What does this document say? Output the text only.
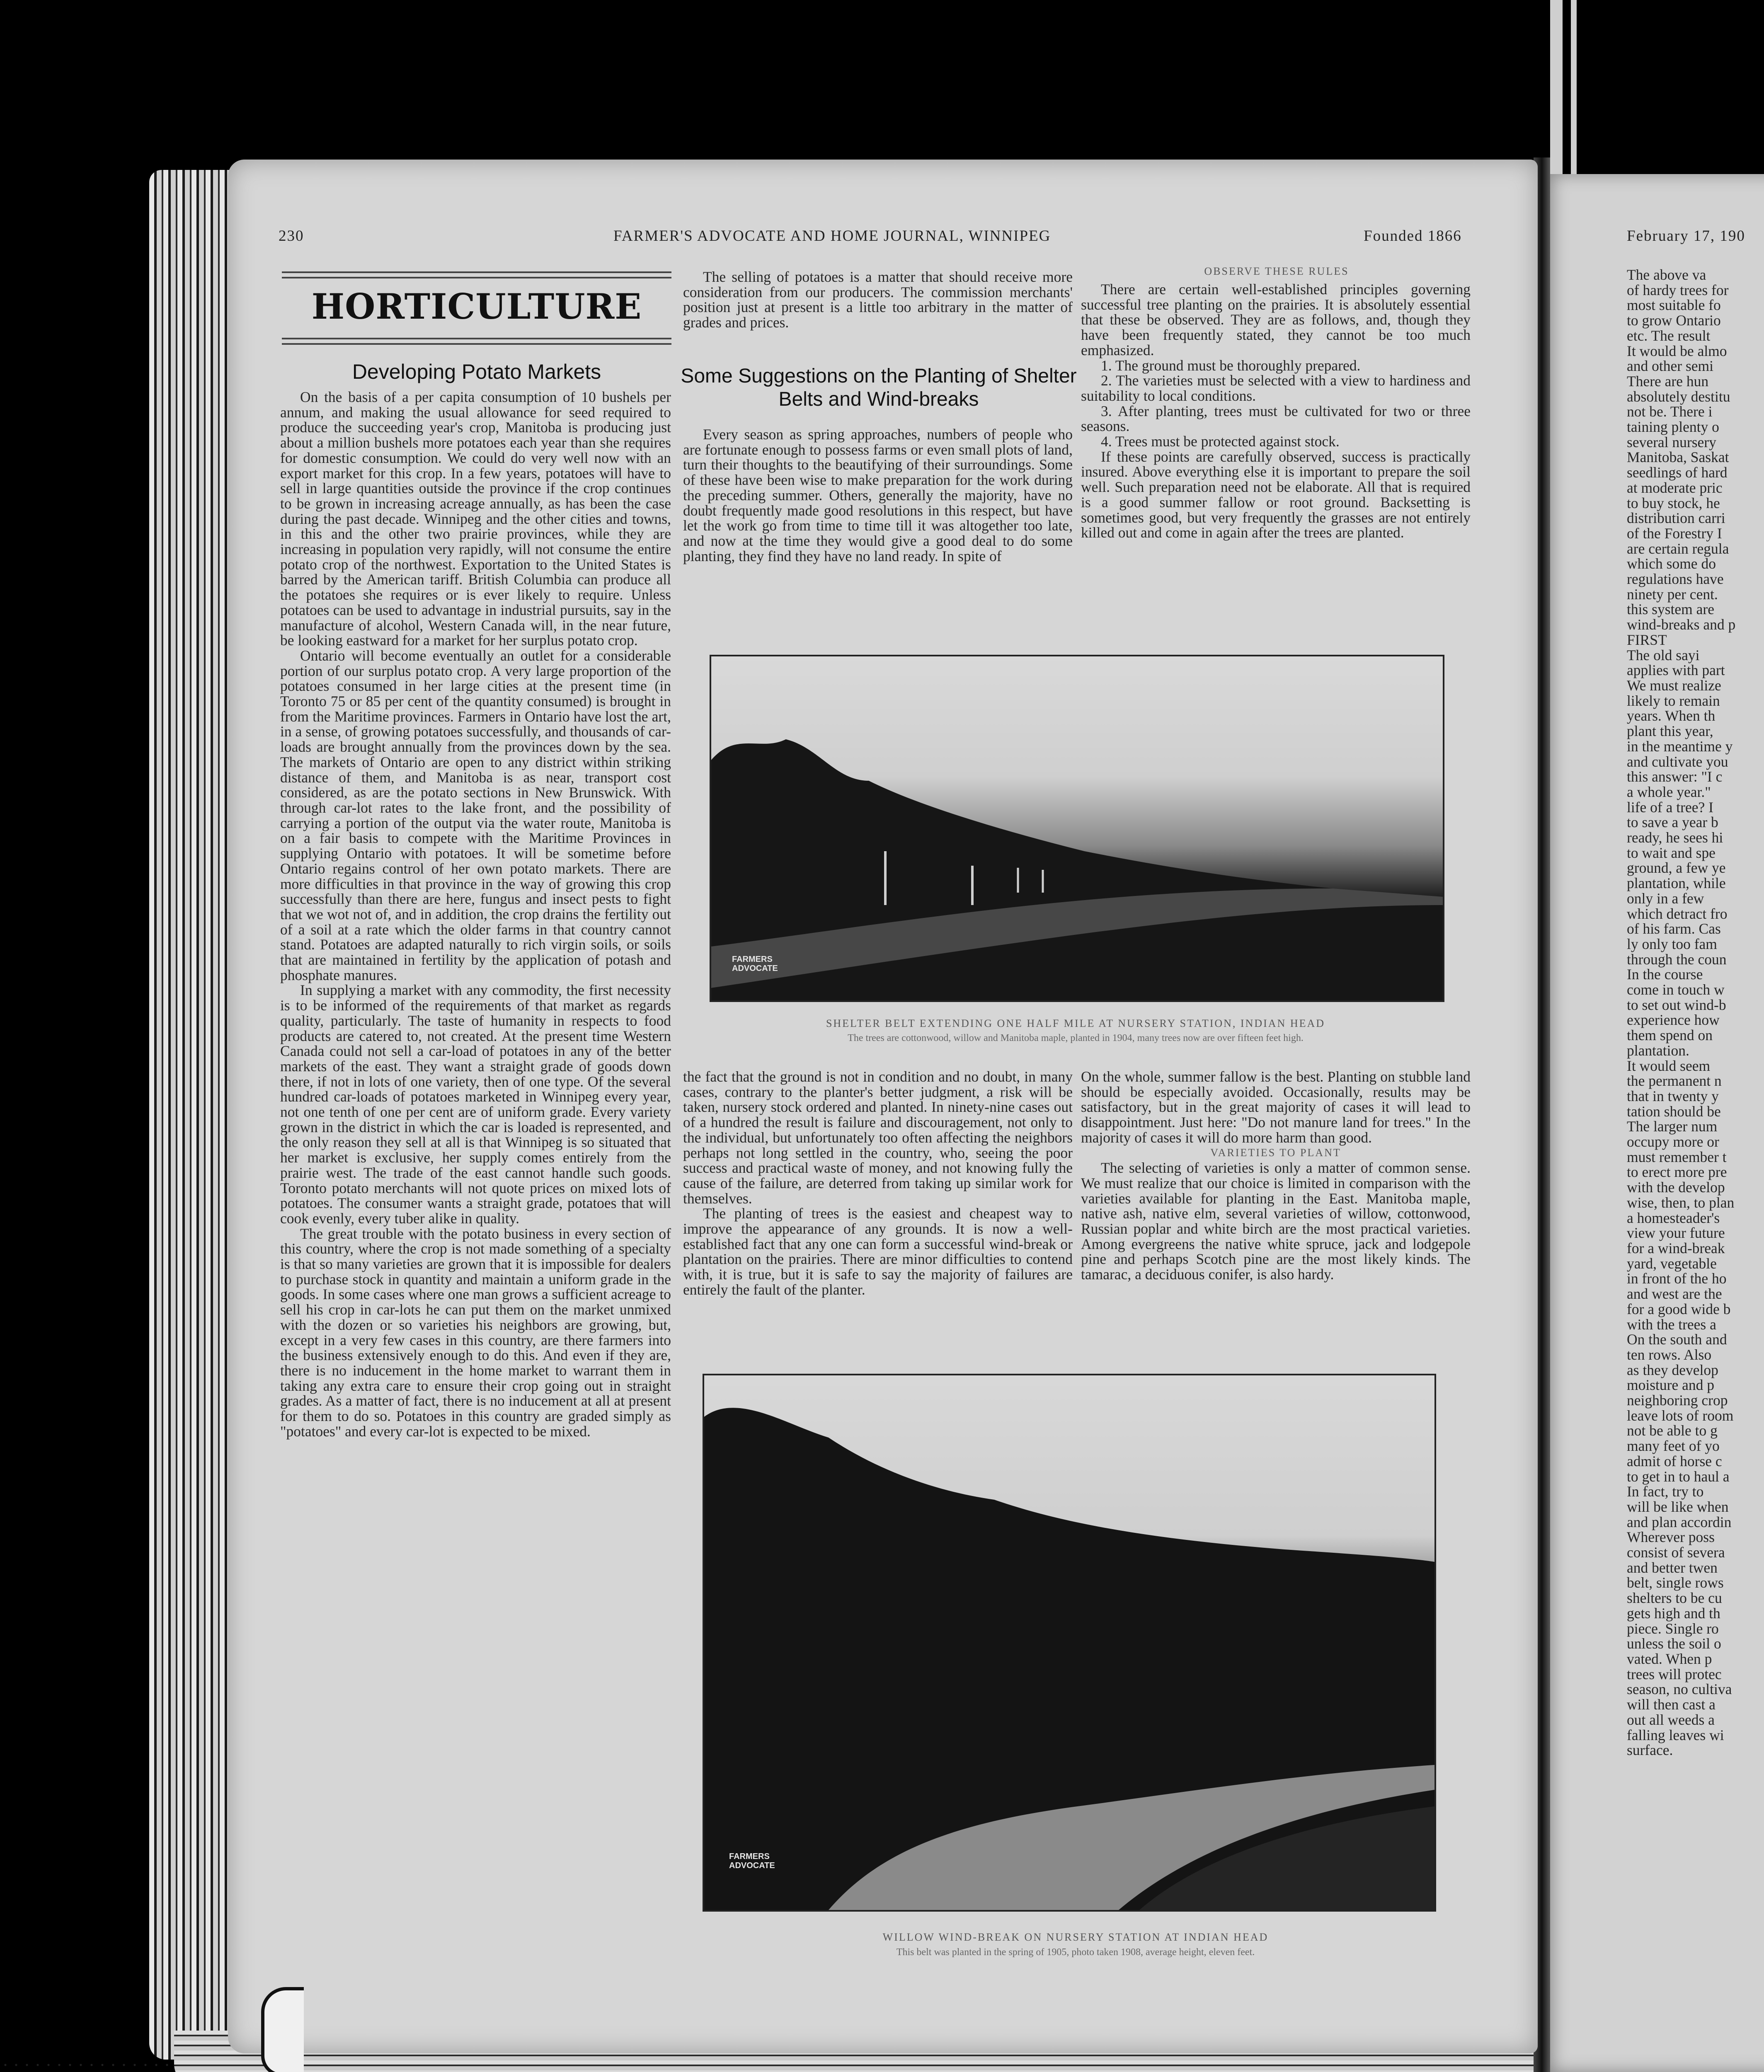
230	FARMER'S ADVOCATE AND HOME JOURNAL, WINNIPEG	Founded 1866	February 17, 190
HORTICULTURE
Developing Potato Markets

On the basis of a per capita consumption of 10 bushels per annum, and making the usual allowance for seed required to produce the succeeding year's crop, Manitoba is producing just about a million bushels more potatoes each year than she requires for domestic consumption. We could do very well now with an export market for this crop. In a few years, potatoes will have to sell in large quantities outside the province if the crop continues to be grown in increasing acreage annually, as has been the case during the past decade. Winnipeg and the other cities and towns, in this and the other two prairie provinces, while they are increasing in population very rapidly, will not consume the entire potato crop of the northwest. Exportation to the United States is barred by the American tariff. British Columbia can produce all the potatoes she requires or is ever likely to require. Unless potatoes can be used to advantage in industrial pursuits, say in the manufacture of alcohol, Western Canada will, in the near future, be looking eastward for a market for her surplus potato crop.

Ontario will become eventually an outlet for a considerable portion of our surplus potato crop. A very large proportion of the potatoes consumed in her large cities at the present time (in Toronto 75 or 85 per cent of the quantity consumed) is brought in from the Maritime provinces. Farmers in Ontario have lost the art, in a sense, of growing potatoes successfully, and thousands of car-loads are brought annually from the provinces down by the sea. The markets of Ontario are open to any district within striking distance of them, and Manitoba is as near, transport cost considered, as are the potato sections in New Brunswick. With through car-lot rates to the lake front, and the possibility of carrying a portion of the output via the water route, Manitoba is on a fair basis to compete with the Maritime Provinces in supplying Ontario with potatoes. It will be sometime before Ontario regains control of her own potato markets. There are more difficulties in that province in the way of growing this crop successfully than there are here, fungus and insect pests to fight that we wot not of, and in addition, the crop drains the fertility out of a soil at a rate which the older farms in that country cannot stand. Potatoes are adapted naturally to rich virgin soils, or soils that are maintained in fertility by the application of potash and phosphate manures.

In supplying a market with any commodity, the first necessity is to be informed of the requirements of that market as regards quality, particularly. The taste of humanity in respects to food products are catered to, not created. At the present time Western Canada could not sell a car-load of potatoes in any of the better markets of the east. They want a straight grade of goods down there, if not in lots of one variety, then of one type. Of the several hundred car-loads of potatoes marketed in Winnipeg every year, not one tenth of one per cent are of uniform grade. Every variety grown in the district in which the car is loaded is represented, and the only reason they sell at all is that Winnipeg is so situated that her market is exclusive, her supply comes entirely from the prairie west. The trade of the east cannot handle such goods. Toronto potato merchants will not quote prices on mixed lots of potatoes. The consumer wants a straight grade, potatoes that will cook evenly, every tuber alike in quality.

The great trouble with the potato business in every section of this country, where the crop is not made something of a specialty is that so many varieties are grown that it is impossible for dealers to purchase stock in quantity and maintain a uniform grade in the goods. In some cases where one man grows a sufficient acreage to sell his crop in car-lots he can put them on the market unmixed with the dozen or so varieties his neighbors are growing, but, except in a very few cases in this country, are there farmers into the business extensively enough to do this. And even if they are, there is no inducement in the home market to warrant them in taking any extra care to ensure their crop going out in straight grades. As a matter of fact, there is no inducement at all at present for them to do so. Potatoes in this country are graded simply as "potatoes" and every car-lot is expected to be mixed.

The selling of potatoes is a matter that should receive more consideration from our producers. The commission merchants' position just at present is a little too arbitrary in the matter of grades and prices.

Some Suggestions on the Planting of Shelter Belts and Wind-breaks

Every season as spring approaches, numbers of people who are fortunate enough to possess farms or even small plots of land, turn their thoughts to the beautifying of their surroundings. Some of these have been wise to make preparation for the work during the preceding summer. Others, generally the majority, have no doubt frequently made good resolutions in this respect, but have let the work go from time to time till it was altogether too late, and now at the time they would give a good deal to do some planting, they find they have no land ready. In spite of

OBSERVE THESE RULES

There are certain well-established principles governing successful tree planting on the prairies. It is absolutely essential that these be observed. They are as follows, and, though they have been frequently stated, they cannot be too much emphasized.

1. The ground must be thoroughly prepared.

2. The varieties must be selected with a view to hardiness and suitability to local conditions.

3. After planting, trees must be cultivated for two or three seasons.

4. Trees must be protected against stock.

If these points are carefully observed, success is practically insured. Above everything else it is important to prepare the soil well. Such preparation need not be elaborate. All that is required is a good summer fallow or root ground. Backsetting is sometimes good, but very frequently the grasses are not entirely killed out and come in again after the trees are planted.

FARMERS ADVOCATE
SHELTER BELT EXTENDING ONE HALF MILE AT NURSERY STATION, INDIAN HEAD
The trees are cottonwood, willow and Manitoba maple, planted in 1904, many trees now are over fifteen feet high.

the fact that the ground is not in condition and no doubt, in many cases, contrary to the planter's better judgment, a risk will be taken, nursery stock ordered and planted. In ninety-nine cases out of a hundred the result is failure and discouragement, not only to the individual, but unfortunately too often affecting the neighbors perhaps not long settled in the country, who, seeing the poor success and practical waste of money, and not knowing fully the cause of the failure, are deterred from taking up similar work for themselves.

The planting of trees is the easiest and cheapest way to improve the appearance of any grounds. It is now a well-established fact that any one can form a successful wind-break or plantation on the prairies. There are minor difficulties to contend with, it is true, but it is safe to say the majority of failures are entirely the fault of the planter.

On the whole, summer fallow is the best. Planting on stubble land should be especially avoided. Occasionally, results may be satisfactory, but in the great majority of cases it will lead to disappointment. Just here: "Do not manure land for trees." In the majority of cases it will do more harm than good.

VARIETIES TO PLANT

The selecting of varieties is only a matter of common sense. We must realize that our choice is limited in comparison with the varieties available for planting in the East. Manitoba maple, native ash, native elm, several varieties of willow, cottonwood, Russian poplar and white birch are the most practical varieties. Among evergreens the native white spruce, jack and lodgepole pine and perhaps Scotch pine are the most likely kinds. The tamarac, a deciduous conifer, is also hardy.

FARMERS ADVOCATE
WILLOW WIND-BREAK ON NURSERY STATION AT INDIAN HEAD
This belt was planted in the spring of 1905, photo taken 1908, average height, eleven feet.
The above va
of hardy trees for
most suitable fo
to grow Ontario
etc. The result
It would be almo
and other semi
There are hun
absolutely destitu
not be. There i
taining plenty o
several nursery
Manitoba, Saskat
seedlings of hard
at moderate pric
to buy stock, he
distribution carri
of the Forestry I
are certain regula
which some do
regulations have
ninety per cent.
this system are
wind-breaks and p
FIRST
The old sayi
applies with part
We must realize
likely to remain
years. When th
plant this year,
in the meantime y
and cultivate you
this answer: "I c
a whole year."
life of a tree? I
to save a year b
ready, he sees hi
to wait and spe
ground, a few ye
plantation, while
only in a few
which detract fro
of his farm. Cas
ly only too fam
through the coun
In the course
come in touch w
to set out wind-b
experience how
them spend on
plantation.
It would seem
the permanent n
that in twenty y
tation should be
The larger num
occupy more or
must remember t
to erect more pre
with the develop
wise, then, to plan
a homesteader's
view your future
for a wind-break
yard, vegetable
in front of the ho
and west are the
for a good wide b
with the trees a
On the south and
ten rows. Also
as they develop
moisture and p
neighboring crop
leave lots of room
not be able to g
many feet of yo
admit of horse c
to get in to haul a
In fact, try to
will be like when
and plan accordin
Wherever poss
consist of severa
and better twen
belt, single rows
shelters to be cu
gets high and th
piece. Single ro
unless the soil o
vated. When p
trees will protec
season, no cultiva
will then cast a
out all weeds a
falling leaves wi
surface.
